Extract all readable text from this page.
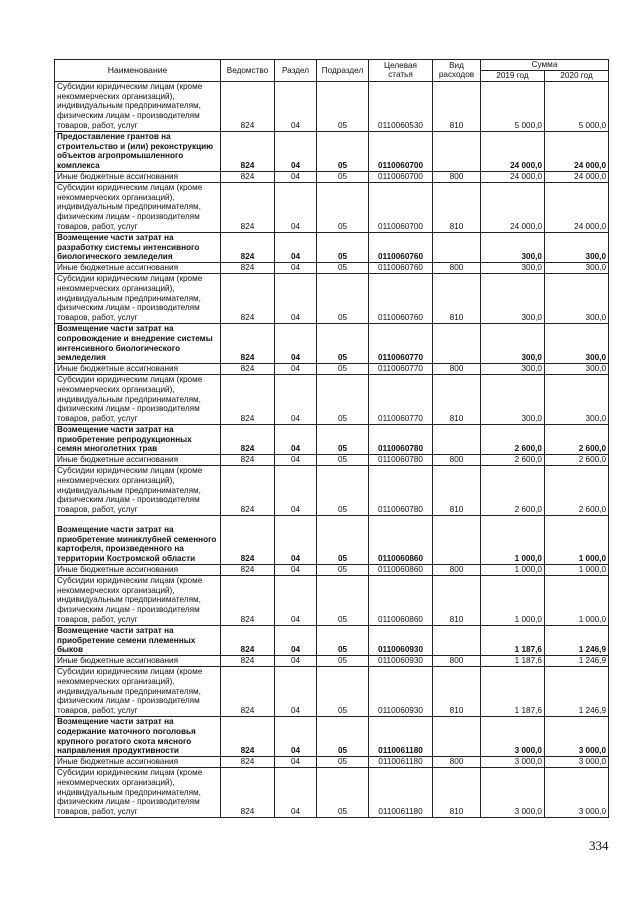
Наименование	Ведомство	Раздел	Подраздел	Целевая статья	Вид расходов	Сумма	
						2019 год	2020 год
Субсидии юридическим лицам (кроме некоммерческих организаций), индивидуальным предпринимателям, физическим лицам - производителям товаров, работ, услуг	824	04	05	0110060530	810	5 000,0	5 000,0
Предоставление грантов на строительство и (или) реконструкцию объектов агропромышленного комплекса	824	04	05	0110060700		24 000,0	24 000,0
Иные бюджетные ассигнования	824	04	05	0110060700	800	24 000,0	24 000,0
Субсидии юридическим лицам (кроме некоммерческих организаций), индивидуальным предпринимателям, физическим лицам - производителям товаров, работ, услуг	824	04	05	0110060700	810	24 000,0	24 000,0
Возмещение части затрат на разработку системы интенсивного биологического земледелия	824	04	05	0110060760		300,0	300,0
Иные бюджетные ассигнования	824	04	05	0110060760	800	300,0	300,0
Субсидии юридическим лицам (кроме некоммерческих организаций), индивидуальным предпринимателям, физическим лицам - производителям товаров, работ, услуг	824	04	05	0110060760	810	300,0	300,0
Возмещение части затрат на сопровождение и внедрение системы интенсивного биологического земледелия	824	04	05	0110060770		300,0	300,0
Иные бюджетные ассигнования	824	04	05	0110060770	800	300,0	300,0
Субсидии юридическим лицам (кроме некоммерческих организаций), индивидуальным предпринимателям, физическим лицам - производителям товаров, работ, услуг	824	04	05	0110060770	810	300,0	300,0
Возмещение части затрат на приобретение репродукционных семян многолетних трав	824	04	05	0110060780		2 600,0	2 600,0
Иные бюджетные ассигнования	824	04	05	0110060780	800	2 600,0	2 600,0
Субсидии юридическим лицам (кроме некоммерческих организаций), индивидуальным предпринимателям, физическим лицам - производителям товаров, работ, услуг	824	04	05	0110060780	810	2 600,0	2 600,0
Возмещение части затрат на приобретение миниклубней семенного картофеля, произведенного на территории Костромской области	824	04	05	0110060860		1 000,0	1 000,0
Иные бюджетные ассигнования	824	04	05	0110060860	800	1 000,0	1 000,0
Субсидии юридическим лицам (кроме некоммерческих организаций), индивидуальным предпринимателям, физическим лицам - производителям товаров, работ, услуг	824	04	05	0110060860	810	1 000,0	1 000,0
Возмещение части затрат на приобретение семени племенных быков	824	04	05	0110060930		1 187,6	1 246,9
Иные бюджетные ассигнования	824	04	05	0110060930	800	1 187,6	1 246,9
Субсидии юридическим лицам (кроме некоммерческих организаций), индивидуальным предпринимателям, физическим лицам - производителям товаров, работ, услуг	824	04	05	0110060930	810	1 187,6	1 246,9
Возмещение части затрат на содержание маточного поголовья крупного рогатого скота мясного направления продуктивности	824	04	05	0110061180		3 000,0	3 000,0
Иные бюджетные ассигнования	824	04	05	0110061180	800	3 000,0	3 000,0
Субсидии юридическим лицам (кроме некоммерческих организаций), индивидуальным предпринимателям, физическим лицам - производителям товаров, работ, услуг	824	04	05	0110061180	810	3 000,0	3 000,0
334
